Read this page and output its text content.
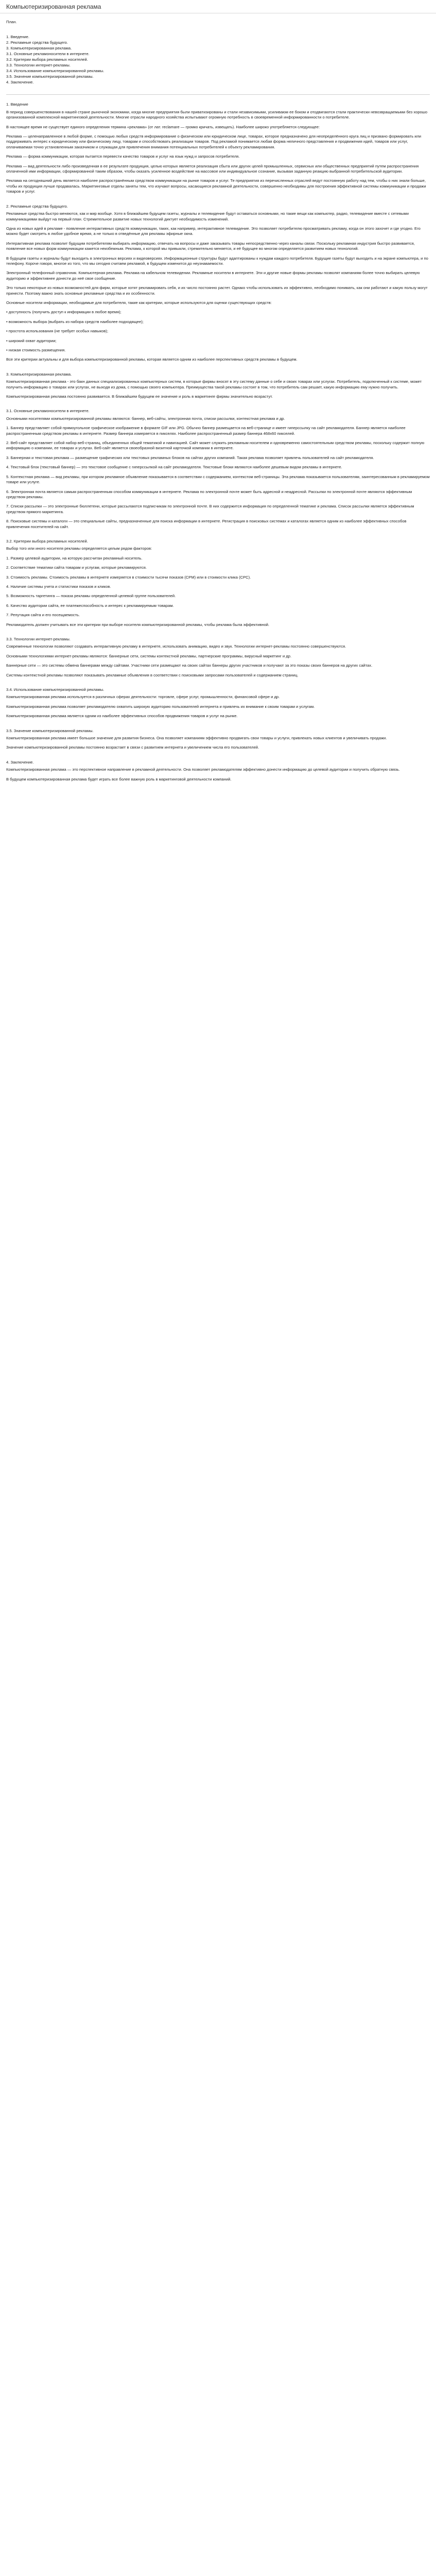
Компьютеризированная реклама
План.
1. Введение.
2. Рекламные средства будущего.
3. Компьютеризированная реклама.
3.1. Основные рекламоносители в интернете.
3.2. Критерии выбора рекламных носителей.
3.3. Технологии интернет-рекламы.
3.4. Использование компьютеризированной рекламы.
3.5. Значение компьютеризированной рекламы.
4. Заключение.
1. Введение
В период совершенствования в нашей стране рыночной экономики, когда многие предприятия были приватизированы и стали независимыми, усиливаюм ее боком и отодвигаются стали практически невозвращаемыми без хорошо организованной комплексной маркетинговой деятельности. Многие отрасли народного хозяйства испытывают огромную потребность в своевременной информированности о потребителе.
В настоящее время не существует единого определения термина «реклама» (от лат. reclamare — громко кричать, извещать). Наиболее широко употребляется следующее:
Реклама — целенаправленное в любой форме, с помощью любых средств информирование о физическом или юридическом лице, товарах, которое предназначено для неопределённого круга лиц и призвано формировать или поддерживать интерес к юридическому или физическому лицу, товарам и способствовать реализации товаров. Под рекламой понимается любая форма неличного представления и продвижения идей, товаров или услуг, оплачиваемая точно установленным заказчиком и служащая для привлечения внимания потенциальных потребителей к объекту рекламирования.
Реклама — форма коммуникации, которая пытается перевести качество товаров и услуг на язык нужд и запросов потребителя.
Реклама — вид деятельности либо произведенная в ее результате продукция, целью которых является реализация сбыта или других целей промышленных, сервисных или общественных предприятий путем распространения оплаченной ими информации, сформированной таким образом, чтобы оказать усиленное воздействие на массовое или индивидуальное сознание, вызывая заданную реакцию выбранной потребительской аудитории.
Реклама на сегодняшний день является наиболее распространённым средством коммуникации на рынке товаров и услуг. Те предприятия из перечисленных отраслей ведут постоянную работу над тем, чтобы о них знали больше, чтобы их продукция лучше продавалась. Маркетинговые отделы заняты тем, что изучают вопросы, касающиеся рекламной деятельности, совершенно необходимы для построения эффективной системы коммуникации и продажи товаров и услуг.
2. Рекламные средства будущего.
Рекламные средства быстро меняются, как и мир вообще. Хотя в ближайшем будущем газеты, журналы и телевидение будут оставаться основными, но такие вещи как компьютер, радио, телевидение вместе с сетевыми коммуникациями выйдут на первый план. Стремительное развитие новых технологий диктует необходимость изменений.
Одна из новых идей в рекламе - появление интерактивных средств коммуникации, таких, как например, интерактивное телевидение. Это позволяет потребителю просматривать рекламу, когда он этого захочет и где угодно. Его можно будет смотреть в любое удобное время, а не только в отведённые для рекламы эфирные окна.
Интерактивная реклама позволит будущим потребителям выбирать информацию, отвечать на вопросы и даже заказывать товары непосредственно через каналы связи. Поскольку рекламная индустрия быстро развивается, появление все новых форм коммуникации кажется неизбежным. Реклама, к которой мы привыкли, стремительно меняется, и её будущее во многом определяется развитием новых технологий.
В будущем газеты и журналы будут выходить в электронных версиях и видеоверсиях. Информационные структуры будут адаптированы к нуждам каждого потребителя. Будущие газеты будут выходить и на экране компьютера, и по телефону. Короче говоря, многое из того, что мы сегодня считаем рекламой, в будущем изменится до неузнаваемости.
Электронный телефонный справочник. Компьютерная реклама. Реклама на кабельном телевидении. Рекламные носители в интернете. Эти и другие новые формы рекламы позволят компаниям более точно выбирать целевую аудиторию и эффективнее донести до неё свое сообщение.
Это только некоторые из новых возможностей для фирм, которые хотят рекламировать себя, и их число постоянно растет. Однако чтобы использовать их эффективно, необходимо понимать, как они работают и какую пользу могут принести. Поэтому важно знать основные рекламные средства и их особенности.
Основные носители информации, необходимые для потребителя, такие как критерии, которые используются для оценки существующих средств:
• доступность (получить доступ к информации в любое время);
• возможность выбора (выбрать из набора средств наиболее подходящее);
• простота использования (не требует особых навыков);
• широкий охват аудитории;
• низкая стоимость размещения.
Все эти критерии актуальны и для выбора компьютеризированной рекламы, которая является одним из наиболее перспективных средств рекламы в будущем.
3. Компьютеризированная реклама.
Компьютеризированная реклама - это бакн данных специализированных компьютерных систем, в которые фирмы вносят в эту систему данные о себе и своих товарах или услугах. Потребитель, подключенный к системе, может получить информацию о товарах или услугах, не выходя из дома, с помощью своего компьютера. Преимущества такой рекламы состоят в том, что потребитель сам решает, какую информацию ему нужно получить.
Компьютеризированная реклама постоянно развивается. В ближайшем будущем ее значение и роль в маркетинге фирмы значительно возрастут.
3.1. Основные рекламоносители в интернете.
Основными носителями компьютеризированной рекламы являются: баннер, веб-сайты, электронная почта, списки рассылки, контекстная реклама и др.
1. Баннер представляет собой прямоугольное графическое изображение в формате GIF или JPG. Обычно баннер размещается на веб-странице и имеет гиперссылку на сайт рекламодателя. Баннер является наиболее распространенным средством рекламы в интернете. Размер баннера измеряется в пикселях. Наиболее распространенный размер баннера 468x60 пикселей.
2. Веб-сайт представляет собой набор веб-страниц, объединенных общей тематикой и навигацией. Сайт может служить рекламным носителем и одновременно самостоятельным средством рекламы, поскольку содержит полную информацию о компании, ее товарах и услугах. Веб-сайт является своеобразной визитной карточкой компании в интернете.
3. Баннерная и текстовая реклама — размещение графических или текстовых рекламных блоков на сайтах других компаний. Такая реклама позволяет привлечь пользователей на сайт рекламодателя.
4. Текстовый блок (текстовый баннер) — это текстовое сообщение с гиперссылкой на сайт рекламодателя. Текстовые блоки являются наиболее дешевым видом рекламы в интернете.
5. Контекстная реклама — вид рекламы, при котором рекламное объявление показывается в соответствии с содержанием, контекстом веб-страницы. Эта реклама показывается пользователям, заинтересованным в рекламируемом товаре или услуге.
6. Электронная почта является самым распространенным способом коммуникации в интернете. Реклама по электронной почте может быть адресной и неадресной. Рассылки по электронной почте являются эффективным средством рекламы.
7. Списки рассылки — это электронные бюллетени, которые рассылаются подписчикам по электронной почте. В них содержится информация по определенной тематике и реклама. Список рассылки является эффективным средством прямого маркетинга.
8. Поисковые системы и каталоги — это специальные сайты, предназначенные для поиска информации в интернете. Регистрация в поисковых системах и каталогах является одним из наиболее эффективных способов привлечения посетителей на сайт.
3.2. Критерии выбора рекламных носителей.
Выбор того или иного носителя рекламы определяется целым рядом факторов:
1. Размер целевой аудитории, на которую рассчитан рекламный носитель.
2. Соответствие тематики сайта товарам и услугам, которые рекламируются.
3. Стоимость рекламы. Стоимость рекламы в интернете измеряется в стоимости тысячи показов (CPM) или в стоимости клика (CPC).
4. Наличие системы учета и статистики показов и кликов.
5. Возможность таргетинга — показа рекламы определенной целевой группе пользователей.
6. Качество аудитории сайта, ее платежеспособность и интерес к рекламируемым товарам.
7. Репутация сайта и его посещаемость.
Рекламодатель должен учитывать все эти критерии при выборе носителя компьютеризированной рекламы, чтобы реклама была эффективной.
3.3. Технологии интернет-рекламы.
Современные технологии позволяют создавать интерактивную рекламу в интернете, использовать анимацию, видео и звук. Технологии интернет-рекламы постоянно совершенствуются.
Основными технологиями интернет-рекламы являются: баннерные сети, системы контекстной рекламы, партнерские программы, вирусный маркетинг и др.
Баннерные сети — это системы обмена баннерами между сайтами. Участники сети размещают на своих сайтах баннеры других участников и получают за это показы своих баннеров на других сайтах.
Системы контекстной рекламы позволяют показывать рекламные объявления в соответствии с поисковыми запросами пользователей и содержанием страниц.
3.4. Использование компьютеризированной рекламы.
Компьютеризированная реклама используется в различных сферах деятельности: торговле, сфере услуг, промышленности, финансовой сфере и др.
Компьютеризированная реклама позволяет рекламодателю охватить широкую аудиторию пользователей интернета и привлечь их внимание к своим товарам и услугам.
Компьютеризированная реклама является одним из наиболее эффективных способов продвижения товаров и услуг на рынке.
3.5. Значение компьютеризированной рекламы.
Компьютеризированная реклама имеет большое значение для развития бизнеса. Она позволяет компаниям эффективно продвигать свои товары и услуги, привлекать новых клиентов и увеличивать продажи.
Значение компьютеризированной рекламы постоянно возрастает в связи с развитием интернета и увеличением числа его пользователей.
4. Заключение.
Компьютеризированная реклама — это перспективное направление в рекламной деятельности. Она позволяет рекламодателям эффективно донести информацию до целевой аудитории и получить обратную связь.
В будущем компьютеризированная реклама будет играть все более важную роль в маркетинговой деятельности компаний.
